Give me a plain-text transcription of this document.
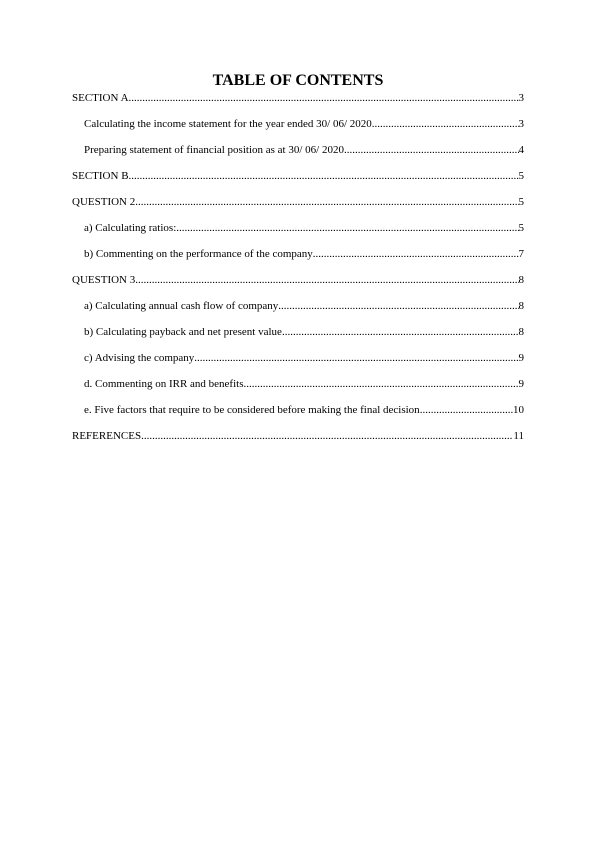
TABLE OF CONTENTS
SECTION A .....	3
Calculating the income statement for the year ended 30/ 06/ 2020 .....	3
Preparing statement of financial position as at 30/ 06/ 2020 .....	4
SECTION B .....	5
QUESTION 2 .....	5
a) Calculating ratios: .....	5
b) Commenting on the performance of the company .....	7
QUESTION 3 .....	8
a) Calculating annual cash flow of company .....	8
b) Calculating payback and net present value .....	8
c) Advising the company .....	9
d. Commenting on IRR and benefits .....	9
e. Five factors that require to be considered before making the final decision .....	10
REFERENCES .....	11
